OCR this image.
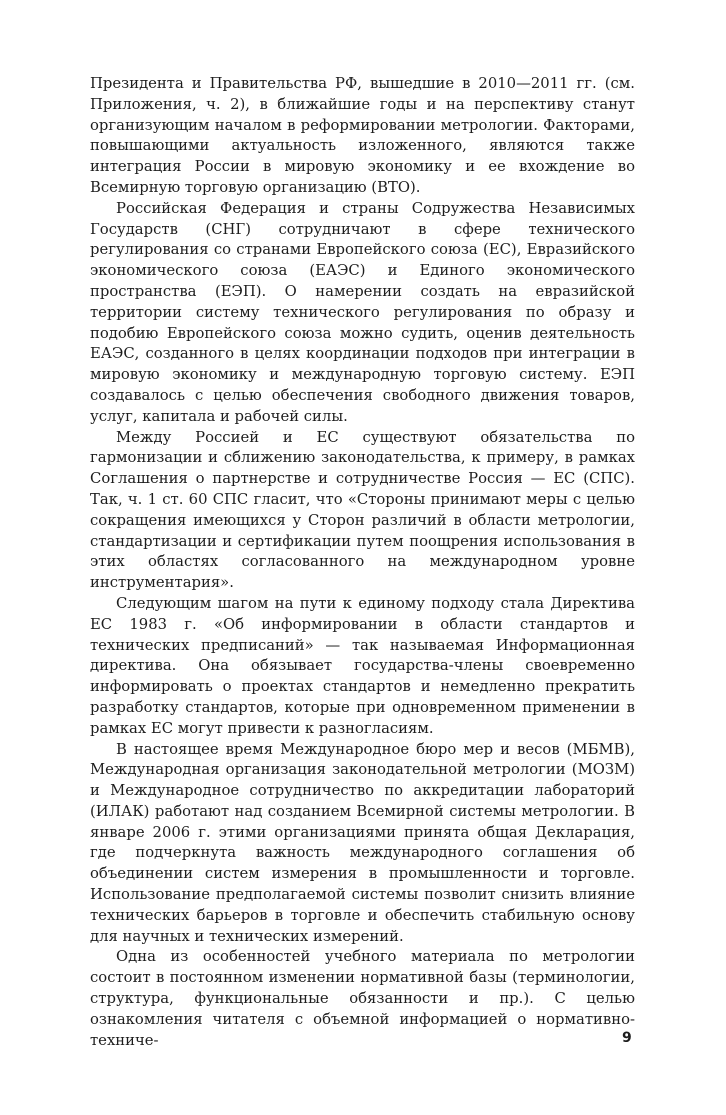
Президента и Правительства РФ, вышедшие в 2010—2011 гг. (см. Приложения, ч. 2), в ближайшие годы и на перспективу станут организующим началом в реформировании метрологии. Факторами, повышающими актуальность изложенного, являются также интеграция России в мировую экономику и ее вхождение во Всемирную торговую организацию (ВТО).

Российская Федерация и страны Содружества Независимых Государств (СНГ) сотрудничают в сфере технического регулирования со странами Европейского союза (ЕС), Евразийского экономического союза (ЕАЭС) и Единого экономического пространства (ЕЭП). О намерении создать на евразийской территории систему технического регулирования по образу и подобию Европейского союза можно судить, оценив деятельность ЕАЭС, созданного в целях координации подходов при интеграции в мировую экономику и международную торговую систему. ЕЭП создавалось с целью обеспечения свободного движения товаров, услуг, капитала и рабочей силы.

Между Россией и ЕС существуют обязательства по гармонизации и сближению законодательства, к примеру, в рамках Соглашения о партнерстве и сотрудничестве Россия — ЕС (СПС). Так, ч. 1 ст. 60 СПС гласит, что «Стороны принимают меры с целью сокращения имеющихся у Сторон различий в области метрологии, стандартизации и сертификации путем поощрения использования в этих областях согласованного на международном уровне инструментария».

Следующим шагом на пути к единому подходу стала Директива ЕС 1983 г. «Об информировании в области стандартов и технических предписаний» — так называемая Информационная директива. Она обязывает государства-члены своевременно информировать о проектах стандартов и немедленно прекратить разработку стандартов, которые при одновременном применении в рамках ЕС могут привести к разногласиям.

В настоящее время Международное бюро мер и весов (МБМВ), Международная организация законодательной метрологии (МОЗМ) и Международное сотрудничество по аккредитации лабораторий (ИЛАК) работают над созданием Всемирной системы метрологии. В январе 2006 г. этими организациями принята общая Декларация, где подчеркнута важность международного соглашения об объединении систем измерения в промышленности и торговле. Использование предполагаемой системы позволит снизить влияние технических барьеров в торговле и обеспечить стабильную основу для научных и технических измерений.

Одна из особенностей учебного материала по метрологии состоит в постоянном изменении нормативной базы (терминологии, структура, функциональные обязанности и пр.). С целью ознакомления читателя с объемной информацией о нормативно-техниче-	9
